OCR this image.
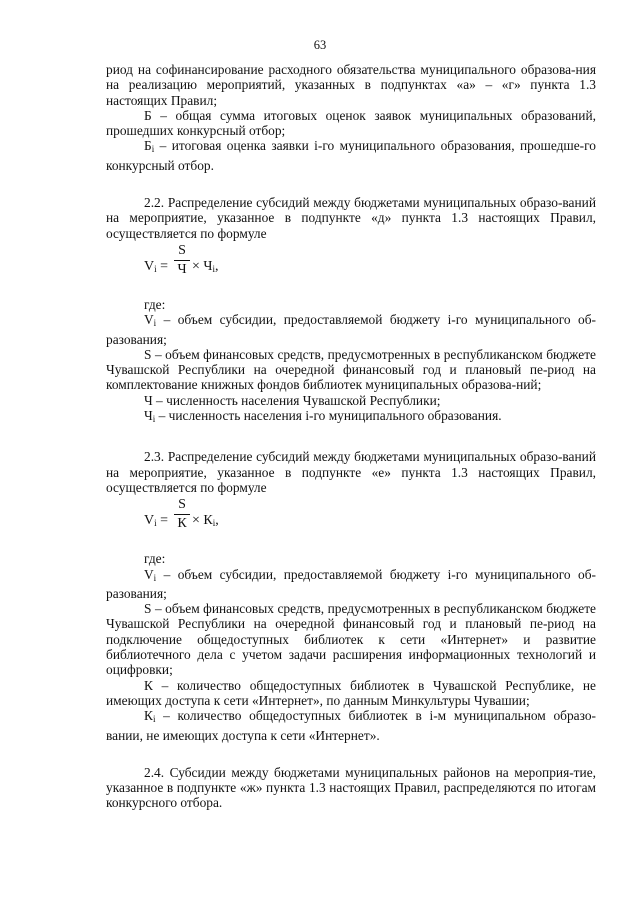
63

риод на софинансирование расходного обязательства муниципального образова-ния на реализацию мероприятий, указанных в подпунктах «а» – «г» пункта 1.3 настоящих Правил;

Б – общая сумма итоговых оценок заявок муниципальных образований, прошедших конкурсный отбор;

$Б_i$ – итоговая оценка заявки i-го муниципального образования, прошедше-го конкурсный отбор.

2.2. Распределение субсидий между бюджетами муниципальных образо-ваний на мероприятие, указанное в подпункте «д» пункта 1.3 настоящих Правил, осуществляется по формуле

$V_i$ =
S
$Ч \times Ч_i$,

где:

$V_i$ – объем субсидии, предоставляемой бюджету i-го муниципального об-разования;

S – объем финансовых средств, предусмотренных в республиканском бюджете Чувашской Республики на очередной финансовый год и плановый пе-риод на комплектование книжных фондов библиотек муниципальных образова-ний;

Ч – численность населения Чувашской Республики;

$Ч_i$ – численность населения i-го муниципального образования.

2.3. Распределение субсидий между бюджетами муниципальных образо-ваний на мероприятие, указанное в подпункте «е» пункта 1.3 настоящих Правил, осуществляется по формуле

$V_i$ =
S
$К \times К_i$,

где:

$V_i$ – объем субсидии, предоставляемой бюджету i-го муниципального об-разования;

S – объем финансовых средств, предусмотренных в республиканском бюджете Чувашской Республики на очередной финансовый год и плановый пе-риод на подключение общедоступных библиотек к сети «Интернет» и развитие библиотечного дела с учетом задачи расширения информационных технологий и оцифровки;

К – количество общедоступных библиотек в Чувашской Республике, не имеющих доступа к сети «Интернет», по данным Минкультуры Чувашии;

$К_i$ – количество общедоступных библиотек в i-м муниципальном образо-вании, не имеющих доступа к сети «Интернет».

2.4. Субсидии между бюджетами муниципальных районов на мероприя-тие, указанное в подпункте «ж» пункта 1.3 настоящих Правил, распределяются по итогам конкурсного отбора.
